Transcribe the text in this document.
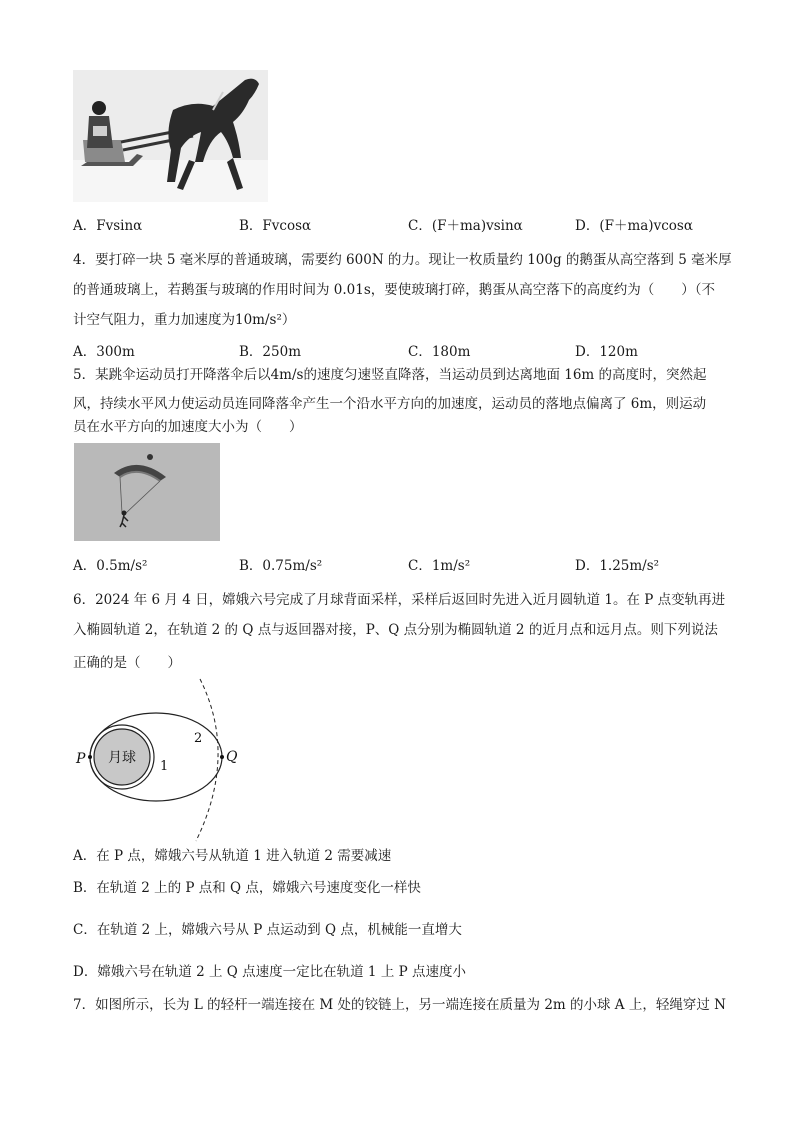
A．Fvsinα	B．Fvcosα	C．(F＋ma)vsinα	D．(F＋ma)vcosα
4．要打碎一块 5 毫米厚的普通玻璃，需要约 600N 的力。现让一枚质量约 100g 的鹅蛋从高空落到 5 毫米厚
的普通玻璃上，若鹅蛋与玻璃的作用时间为 0.01s，要使玻璃打碎，鹅蛋从高空落下的高度约为（　　）（不
计空气阻力，重力加速度为10m/s²）
A．300m	B．250m	C．180m	D．120m
5．某跳伞运动员打开降落伞后以4m/s的速度匀速竖直降落，当运动员到达离地面 16m 的高度时，突然起
风，持续水平风力使运动员连同降落伞产生一个沿水平方向的加速度，运动员的落地点偏离了 6m，则运动
员在水平方向的加速度大小为（　　）
A．0.5m/s²	B．0.75m/s²	C．1m/s²	D．1.25m/s²
6．2024 年 6 月 4 日，嫦娥六号完成了月球背面采样，采样后返回时先进入近月圆轨道 1。在 P 点变轨再进
入椭圆轨道 2，在轨道 2 的 Q 点与返回器对接，P、Q 点分别为椭圆轨道 2 的近月点和远月点。则下列说法
正确的是（　　）
月球
P	Q
1
2
A．在 P 点，嫦娥六号从轨道 1 进入轨道 2 需要减速
B．在轨道 2 上的 P 点和 Q 点，嫦娥六号速度变化一样快
C．在轨道 2 上，嫦娥六号从 P 点运动到 Q 点，机械能一直增大
D．嫦娥六号在轨道 2 上 Q 点速度一定比在轨道 1 上 P 点速度小
7．如图所示，长为 L 的轻杆一端连接在 M 处的铰链上，另一端连接在质量为 2m 的小球 A 上，轻绳穿过 N
